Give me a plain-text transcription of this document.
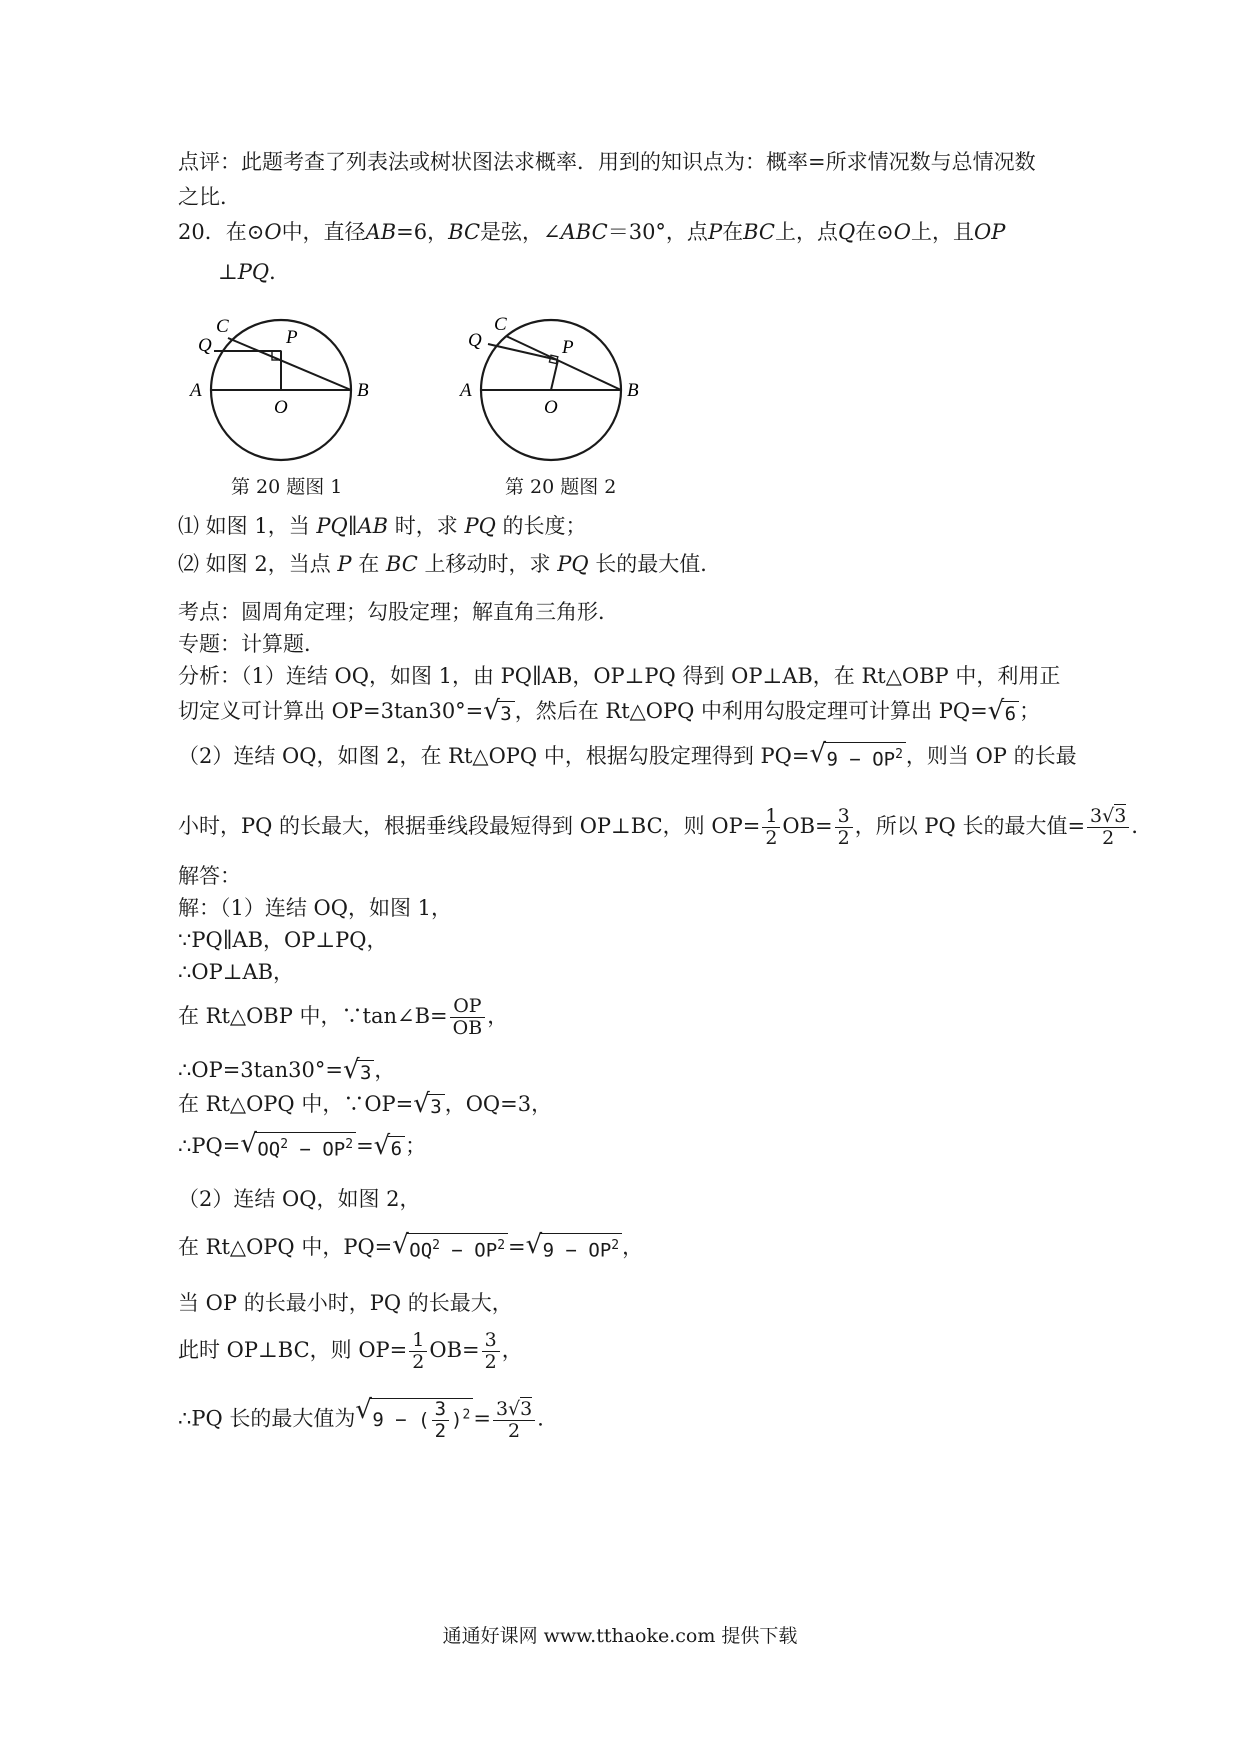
点评：此题考查了列表法或树状图法求概率．用到的知识点为：概率=所求情况数与总情况数
之比．
20．在⊙O中，直径AB=6，BC是弦，∠ABC＝30°，点P在BC上，点Q在⊙O上，且OP
⊥PQ．
C
Q	P
A
O
B
第 20 题图 1
C
Q	P
A
O
B
第 20 题图 2
⑴ 如图 1，当 PQ∥AB 时，求 PQ 的长度；
⑵ 如图 2，当点 P 在 BC 上移动时，求 PQ 长的最大值．
考点：圆周角定理；勾股定理；解直角三角形．
专题：计算题．
分析：（1）连结 OQ，如图 1，由 PQ∥AB，OP⊥PQ 得到 OP⊥AB，在 Rt△OBP 中，利用正
切定义可计算出 OP=3tan30°= √ 3 ，然后在 Rt△OPQ 中利用勾股定理可计算出 PQ= √ 6 ；
（2）连结 OQ，如图 2，在 Rt△OPQ 中，根据勾股定理得到 PQ= √ $9 - OP^2$ ，则当 OP 的长最
小时，PQ 的长最大，根据垂线段最短得到 OP⊥BC，则 $OP= \frac{1}{2} OB= \frac{3}{2}$ ，所以 PQ 长的最大值= $\frac{3√3}{2}$ ．
解答：
解：（1）连结 OQ，如图 1，
∵PQ∥AB，OP⊥PQ，
∴OP⊥AB，
在 Rt△OBP 中，∵tan∠B= $\frac{OP}{OB}$ ，
∴OP=3tan30°= √ 3 ，
在 Rt△OPQ 中，∵OP= √ 3 ，OQ=3，
∴PQ= √ $OQ^2 - OP^2$ = √ 6 ；
（2）连结 OQ，如图 2，
在 Rt△OPQ 中，PQ= √ $OQ^2 - OP^2$ = √ $9 - OP^2$ ，
当 OP 的长最小时，PQ 的长最大，
此时 OP⊥BC，则 $OP= \frac{1}{2} OB= \frac{3}{2}$ ，
∴PQ 长的最大值为 √ 9 − ( $\frac{3}{2} )^2 = \frac{3√3}{2}$ ．
通通好课网 www.tthaoke.com 提供下载
